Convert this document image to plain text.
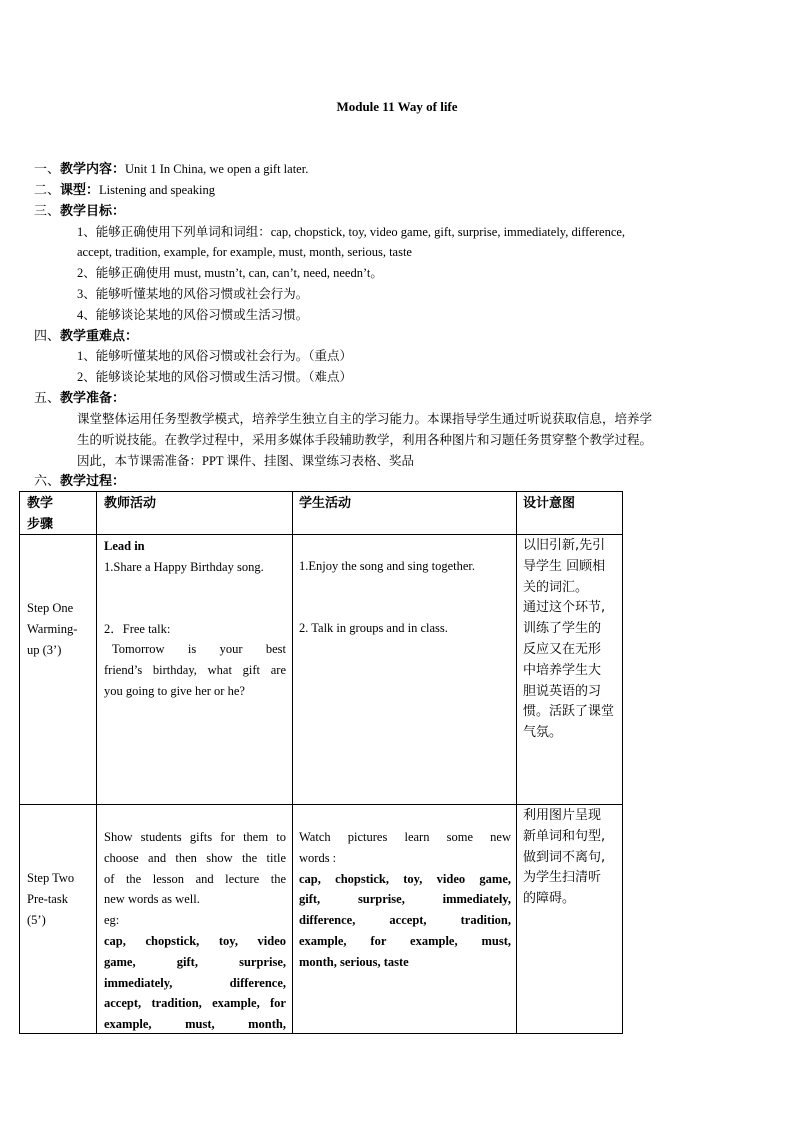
Module 11 Way of life
一、教学内容：Unit 1 In China, we open a gift later.
二、课型：Listening and speaking
三、教学目标：
1、能够正确使用下列单词和词组：cap, chopstick, toy, video game, gift, surprise, immediately, difference,
accept, tradition, example, for example, must, month, serious, taste
2、能够正确使用 must, mustn’t, can, can’t, need, needn’t。
3、能够听懂某地的风俗习惯或社会行为。
4、能够谈论某地的风俗习惯或生活习惯。
四、教学重难点：
1、能够听懂某地的风俗习惯或社会行为。（重点）
2、能够谈论某地的风俗习惯或生活习惯。（难点）
五、教学准备：
课堂整体运用任务型教学模式，培养学生独立自主的学习能力。本课指导学生通过听说获取信息，培养学
生的听说技能。在教学过程中，采用多媒体手段辅助教学，利用各种图片和习题任务贯穿整个教学过程。
因此，本节课需准备：PPT 课件、挂图、课堂练习表格、奖品
六、教学过程：
教学
步骤
教师活动	学生活动	设计意图
Step One
Warming-
up (3’)
Lead in
1.Share a Happy Birthday song.
2．Free talk:
Tomorrow is your best
friend’s birthday, what gift are
you going to give her or he?
1.Enjoy the song and sing together.
2. Talk in groups and in class.
以旧引新,先引
导学生 回顾相
关的词汇。
通过这个环节,
训练了学生的
反应又在无形
中培养学生大
胆说英语的习
惯。活跃了课堂
气氛。
Step Two
Pre-task
(5’)
Show students gifts for them to
choose and then show the title
of the lesson and lecture the
new words as well.
eg:
cap, chopstick, toy, video
game, gift, surprise,
immediately, difference,
accept, tradition, example, for
example, must, month,
Watch pictures learn some new
words :
cap, chopstick, toy, video game,
gift, surprise, immediately,
difference, accept, tradition,
example, for example, must,
month, serious, taste
利用图片呈现
新单词和句型,
做到词不离句,
为学生扫清听
的障碍。
